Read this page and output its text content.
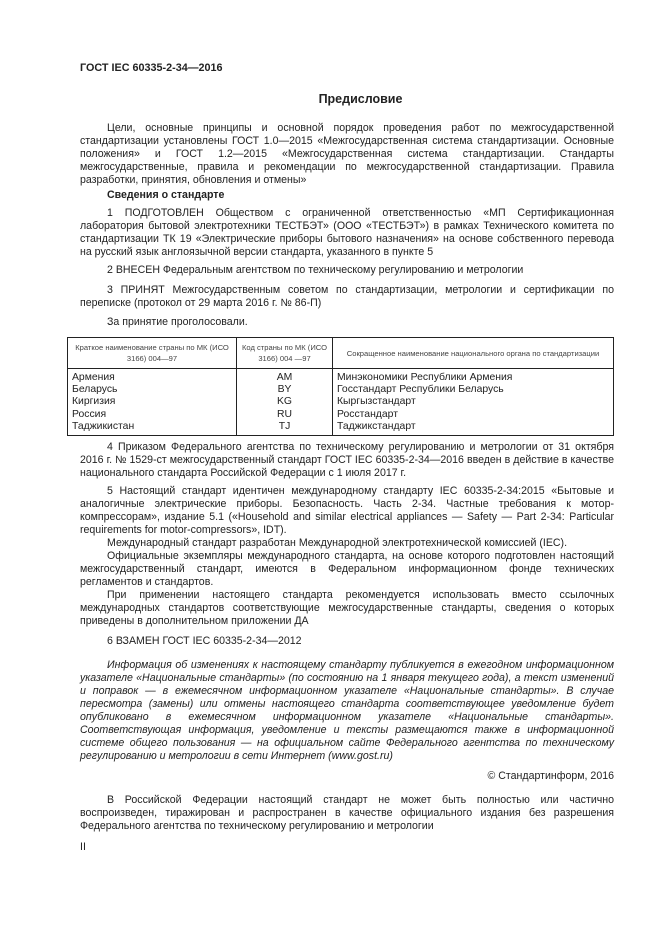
ГОСТ IEC 60335-2-34—2016
Предисловие

Цели, основные принципы и основной порядок проведения работ по межгосударственной стандартизации установлены ГОСТ 1.0—2015 «Межгосударственная система стандартизации. Основные положения» и ГОСТ 1.2—2015 «Межгосударственная система стандартизации. Стандарты межгосударственные, правила и рекомендации по межгосударственной стандартизации. Правила разработки, принятия, обновления и отмены»

Сведения о стандарте

1 ПОДГОТОВЛЕН Обществом с ограниченной ответственностью «МП Сертификационная лаборатория бытовой электротехники ТЕСТБЭТ» (ООО «ТЕСТБЭТ») в рамках Технического комитета по стандартизации ТК 19 «Электрические приборы бытового назначения» на основе собственного перевода на русский язык англоязычной версии стандарта, указанного в пункте 5

2 ВНЕСЕН Федеральным агентством по техническому регулированию и метрологии

3 ПРИНЯТ Межгосударственным советом по стандартизации, метрологии и сертификации по переписке (протокол от 29 марта 2016 г. № 86-П)

За принятие проголосовали.

Краткое наименование страны по МК (ИСО 3166) 004—97	Код страны по МК (ИСО 3166) 004 —97	Сокращенное наименование национального органа по стандартизации
Армения	AM	Минэкономики Республики Армения
Беларусь	BY	Госстандарт Республики Беларусь
Киргизия	KG	Кыргызстандарт
Россия	RU	Росстандарт
Таджикистан	TJ	Таджикстандарт

4 Приказом Федерального агентства по техническому регулированию и метрологии от 31 октября 2016 г. № 1529-ст межгосударственный стандарт ГОСТ IEC 60335-2-34—2016 введен в действие в качестве национального стандарта Российской Федерации с 1 июля 2017 г.

5 Настоящий стандарт идентичен международному стандарту IEC 60335-2-34:2015 «Бытовые и аналогичные электрические приборы. Безопасность. Часть 2-34. Частные требования к мотор-компрессорам», издание 5.1 («Household and similar electrical appliances — Safety — Part 2-34: Particular requirements for motor-compressors», IDT).

Международный стандарт разработан Международной электротехнической комиссией (IEC).

Официальные экземпляры международного стандарта, на основе которого подготовлен настоящий межгосударственный стандарт, имеются в Федеральном информационном фонде технических регламентов и стандартов.

При применении настоящего стандарта рекомендуется использовать вместо ссылочных международных стандартов соответствующие межгосударственные стандарты, сведения о которых приведены в дополнительном приложении ДА

6 ВЗАМЕН ГОСТ IEC 60335-2-34—2012

Информация об изменениях к настоящему стандарту публикуется в ежегодном информационном указателе «Национальные стандарты» (по состоянию на 1 января текущего года), а текст изменений и поправок — в ежемесячном информационном указателе «Национальные стандарты». В случае пересмотра (замены) или отмены настоящего стандарта соответствующее уведомление будет опубликовано в ежемесячном информационном указателе «Национальные стандарты». Соответствующая информация, уведомление и тексты размещаются также в информационной системе общего пользования — на официальном сайте Федерального агентства по техническому регулированию и метрологии в сети Интернет (www.gost.ru)

© Стандартинформ, 2016

В Российской Федерации настоящий стандарт не может быть полностью или частично воспроизведен, тиражирован и распространен в качестве официального издания без разрешения Федерального агентства по техническому регулированию и метрологии

II
